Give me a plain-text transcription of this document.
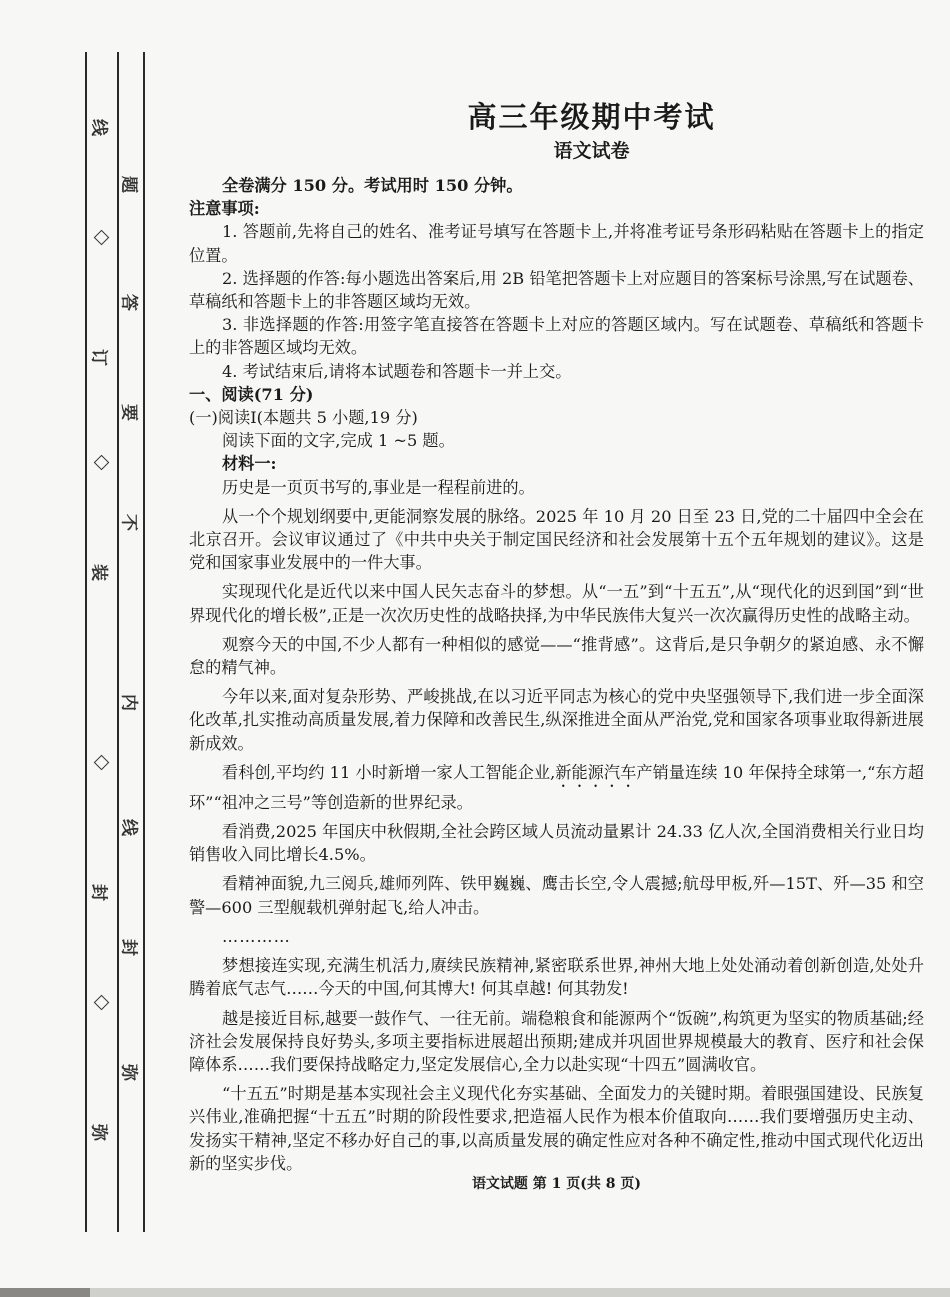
线
订
装
封
弥
题
答
要
不
内
线
封
弥
高三年级期中考试
语文试卷

全卷满分 150 分。考试用时 150 分钟。

注意事项:

1. 答题前,先将自己的姓名、准考证号填写在答题卡上,并将准考证号条形码粘贴在答题卡上的指定位置。

2. 选择题的作答:每小题选出答案后,用 2B 铅笔把答题卡上对应题目的答案标号涂黑,写在试题卷、草稿纸和答题卡上的非答题区域均无效。

3. 非选择题的作答:用签字笔直接答在答题卡上对应的答题区域内。写在试题卷、草稿纸和答题卡上的非答题区域均无效。

4. 考试结束后,请将本试题卷和答题卡一并上交。

一、阅读(71 分)

(一)阅读Ⅰ(本题共 5 小题,19 分)

阅读下面的文字,完成 1 ~5 题。

材料一:

历史是一页页书写的,事业是一程程前进的。

从一个个规划纲要中,更能洞察发展的脉络。2025 年 10 月 20 日至 23 日,党的二十届四中全会在北京召开。会议审议通过了《中共中央关于制定国民经济和社会发展第十五个五年规划的建议》。这是党和国家事业发展中的一件大事。

实现现代化是近代以来中国人民矢志奋斗的梦想。从“一五”到“十五五”,从“现代化的迟到国”到“世界现代化的增长极”,正是一次次历史性的战略抉择,为中华民族伟大复兴一次次赢得历史性的战略主动。

观察今天的中国,不少人都有一种相似的感觉——“推背感”。这背后,是只争朝夕的紧迫感、永不懈怠的精气神。

今年以来,面对复杂形势、严峻挑战,在以习近平同志为核心的党中央坚强领导下,我们进一步全面深化改革,扎实推动高质量发展,着力保障和改善民生,纵深推进全面从严治党,党和国家各项事业取得新进展新成效。

看科创,平均约 11 小时新增一家人工智能企业,新能源汽车产销量连续 10 年保持全球第一,“东方超环”“祖冲之三号”等创造新的世界纪录。

看消费,2025 年国庆中秋假期,全社会跨区域人员流动量累计 24.33 亿人次,全国消费相关行业日均销售收入同比增长4.5%。

看精神面貌,九三阅兵,雄师列阵、铁甲巍巍、鹰击长空,令人震撼;航母甲板,歼—15T、歼—35 和空警—600 三型舰载机弹射起飞,给人冲击。

…………

梦想接连实现,充满生机活力,赓续民族精神,紧密联系世界,神州大地上处处涌动着创新创造,处处升腾着底气志气……今天的中国,何其博大! 何其卓越! 何其勃发!

越是接近目标,越要一鼓作气、一往无前。端稳粮食和能源两个“饭碗”,构筑更为坚实的物质基础;经济社会发展保持良好势头,多项主要指标进展超出预期;建成并巩固世界规模最大的教育、医疗和社会保障体系……我们要保持战略定力,坚定发展信心,全力以赴实现“十四五”圆满收官。

“十五五”时期是基本实现社会主义现代化夯实基础、全面发力的关键时期。着眼强国建设、民族复兴伟业,准确把握“十五五”时期的阶段性要求,把造福人民作为根本价值取向……我们要增强历史主动、发扬实干精神,坚定不移办好自己的事,以高质量发展的确定性应对各种不确定性,推动中国式现代化迈出新的坚实步伐。

语文试题 第 1 页(共 8 页)
